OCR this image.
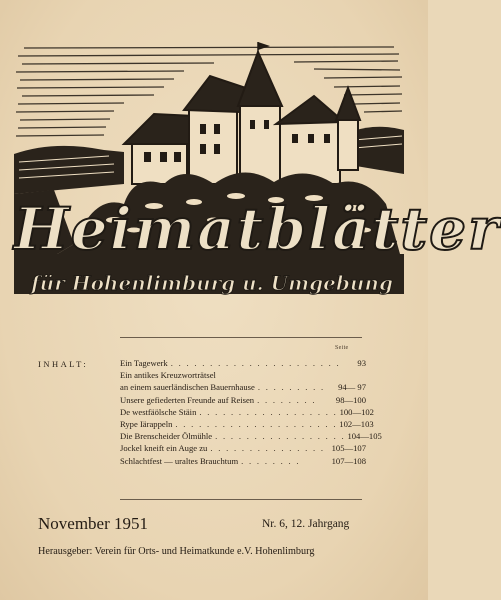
Heimatblätter
für Hohenlimburg u. Umgebung
Seite
INHALT:	Ein Tagewerk . . . . . . . . . . . . . . . . . . . . . .	93
Ein antikes Kreuzworträtsel
an einem sauerländischen Bauernhause . . . . . . . . .	94— 97
Unsere gefiederten Freunde auf Reisen . . . . . . . .	98—100
De westfäölsche Stäin . . . . . . . . . . . . . . . . . . 100—102
Rype Iärappeln . . . . . . . . . . . . . . . . . . . . . 102—103
Die Brenscheider Ölmühle . . . . . . . . . . . . . . . . . 104—105
Jockel kneift ein Auge zu . . . . . . . . . . . . . . . 105—107
Schlachtfest — uraltes Brauchtum . . . . . . . .	107—108
November 1951	Nr. 6, 12. Jahrgang
Herausgeber: Verein für Orts- und Heimatkunde e.V. Hohenlimburg
